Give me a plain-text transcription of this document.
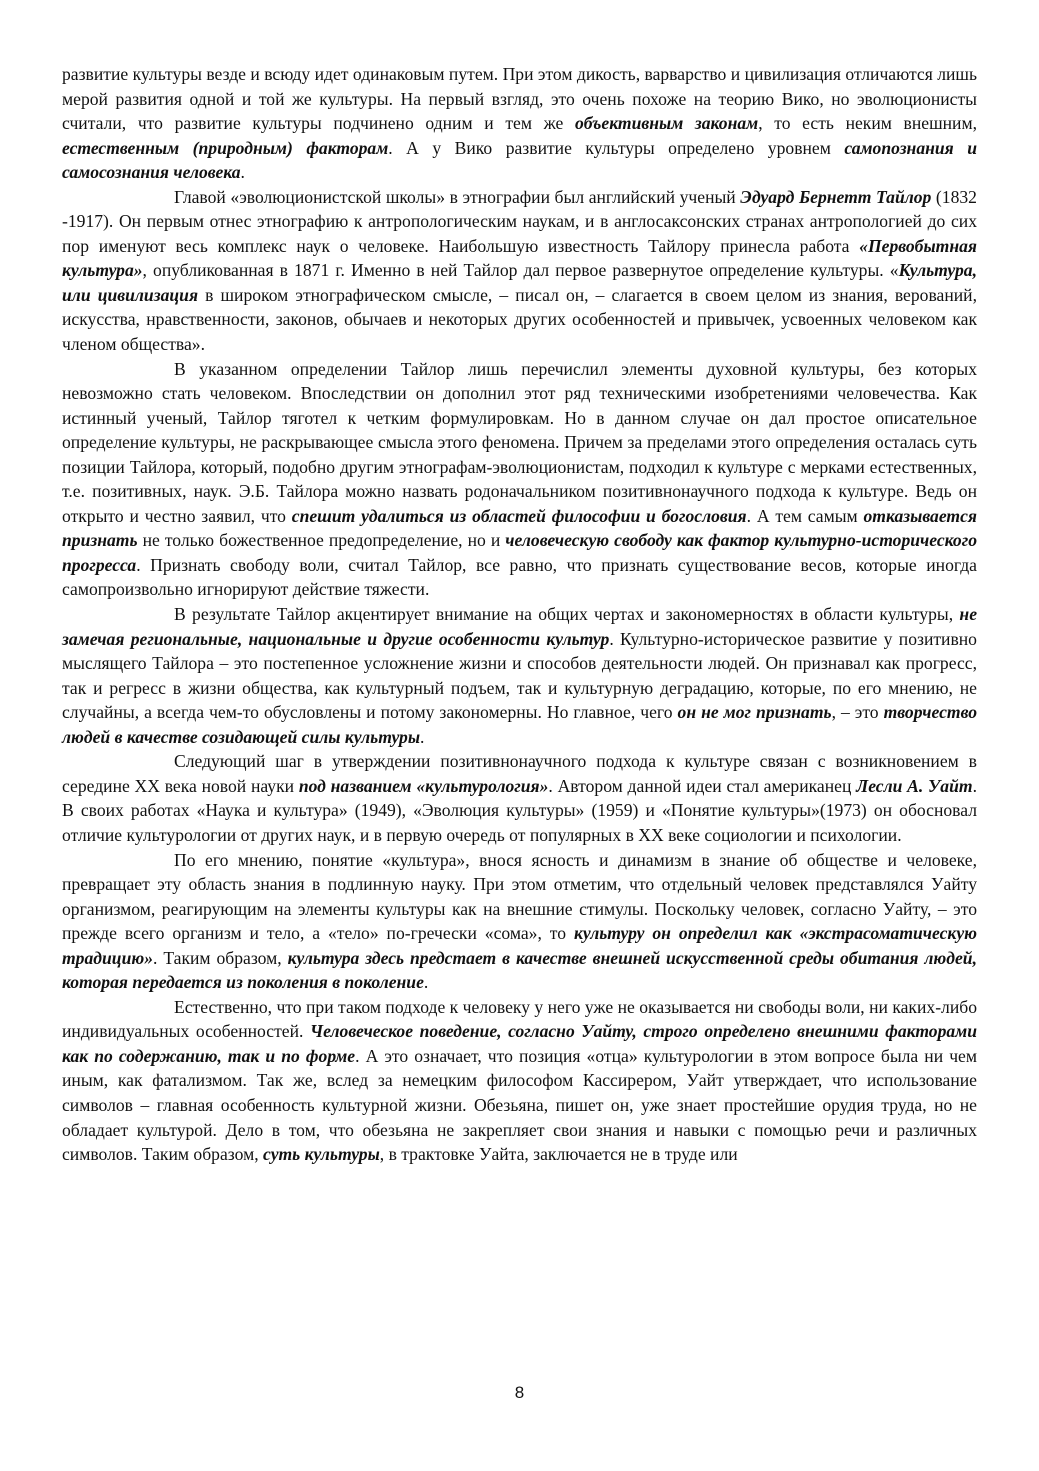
развитие культуры везде и всюду идет одинаковым путем. При этом дикость, варварство и цивилизация отличаются лишь мерой развития одной и той же культуры. На первый взгляд, это очень похоже на теорию Вико, но эволюционисты считали, что развитие культуры подчинено одним и тем же объективным законам, то есть неким внешним, естественным (природным) факторам. А у Вико развитие культуры определено уровнем самопознания и самосознания человека.

Главой «эволюционистской школы» в этнографии был английский ученый Эдуард Бернетт Тайлор (1832 -1917). Он первым отнес этнографию к антропологическим наукам, и в англосаксонских странах антропологией до сих пор именуют весь комплекс наук о человеке. Наибольшую известность Тайлору принесла работа «Первобытная культура», опубликованная в 1871 г. Именно в ней Тайлор дал первое развернутое определение культуры. «Культура, или цивилизация в широком этнографическом смысле, – писал он, – слагается в своем целом из знания, верований, искусства, нравственности, законов, обычаев и некоторых других особенностей и привычек, усвоенных человеком как членом общества».

В указанном определении Тайлор лишь перечислил элементы духовной культуры, без которых невозможно стать человеком. Впоследствии он дополнил этот ряд техническими изобретениями человечества. Как истинный ученый, Тайлор тяготел к четким формулировкам. Но в данном случае он дал простое описательное определение культуры, не раскрывающее смысла этого феномена. Причем за пределами этого определения осталась суть позиции Тайлора, который, подобно другим этнографам-эволюционистам, подходил к культуре с мерками естественных, т.е. позитивных, наук. Э.Б. Тайлора можно назвать родоначальником позитивнонаучного подхода к культуре. Ведь он открыто и честно заявил, что спешит удалиться из областей философии и богословия. А тем самым отказывается признать не только божественное предопределение, но и человеческую свободу как фактор культурно-исторического прогресса. Признать свободу воли, считал Тайлор, все равно, что признать существование весов, которые иногда самопроизвольно игнорируют действие тяжести.

В результате Тайлор акцентирует внимание на общих чертах и закономерностях в области культуры, не замечая региональные, национальные и другие особенности культур. Культурно-историческое развитие у позитивно мыслящего Тайлора – это постепенное усложнение жизни и способов деятельности людей. Он признавал как прогресс, так и регресс в жизни общества, как культурный подъем, так и культурную деградацию, которые, по его мнению, не случайны, а всегда чем-то обусловлены и потому закономерны. Но главное, чего он не мог признать, – это творчество людей в качестве созидающей силы культуры.

Следующий шаг в утверждении позитивнонаучного подхода к культуре связан с возникновением в середине XX века новой науки под названием «культурология». Автором данной идеи стал американец Лесли А. Уайт. В своих работах «Наука и культура» (1949), «Эволюция культуры» (1959) и «Понятие культуры»(1973) он обосновал отличие культурологии от других наук, и в первую очередь от популярных в XX веке социологии и психологии.

По его мнению, понятие «культура», внося ясность и динамизм в знание об обществе и человеке, превращает эту область знания в подлинную науку. При этом отметим, что отдельный человек представлялся Уайту организмом, реагирующим на элементы культуры как на внешние стимулы. Поскольку человек, согласно Уайту, – это прежде всего организм и тело, а «тело» по-гречески «сома», то культуру он определил как «экстрасоматическую традицию». Таким образом, культура здесь предстает в качестве внешней искусственной среды обитания людей, которая передается из поколения в поколение.

Естественно, что при таком подходе к человеку у него уже не оказывается ни свободы воли, ни каких-либо индивидуальных особенностей. Человеческое поведение, согласно Уайту, строго определено внешними факторами как по содержанию, так и по форме. А это означает, что позиция «отца» культурологии в этом вопросе была ни чем иным, как фатализмом. Так же, вслед за немецким философом Кассирером, Уайт утверждает, что использование символов – главная особенность культурной жизни. Обезьяна, пишет он, уже знает простейшие орудия труда, но не обладает культурой. Дело в том, что обезьяна не закрепляет свои знания и навыки с помощью речи и различных символов. Таким образом, суть культуры, в трактовке Уайта, заключается не в труде или

8
